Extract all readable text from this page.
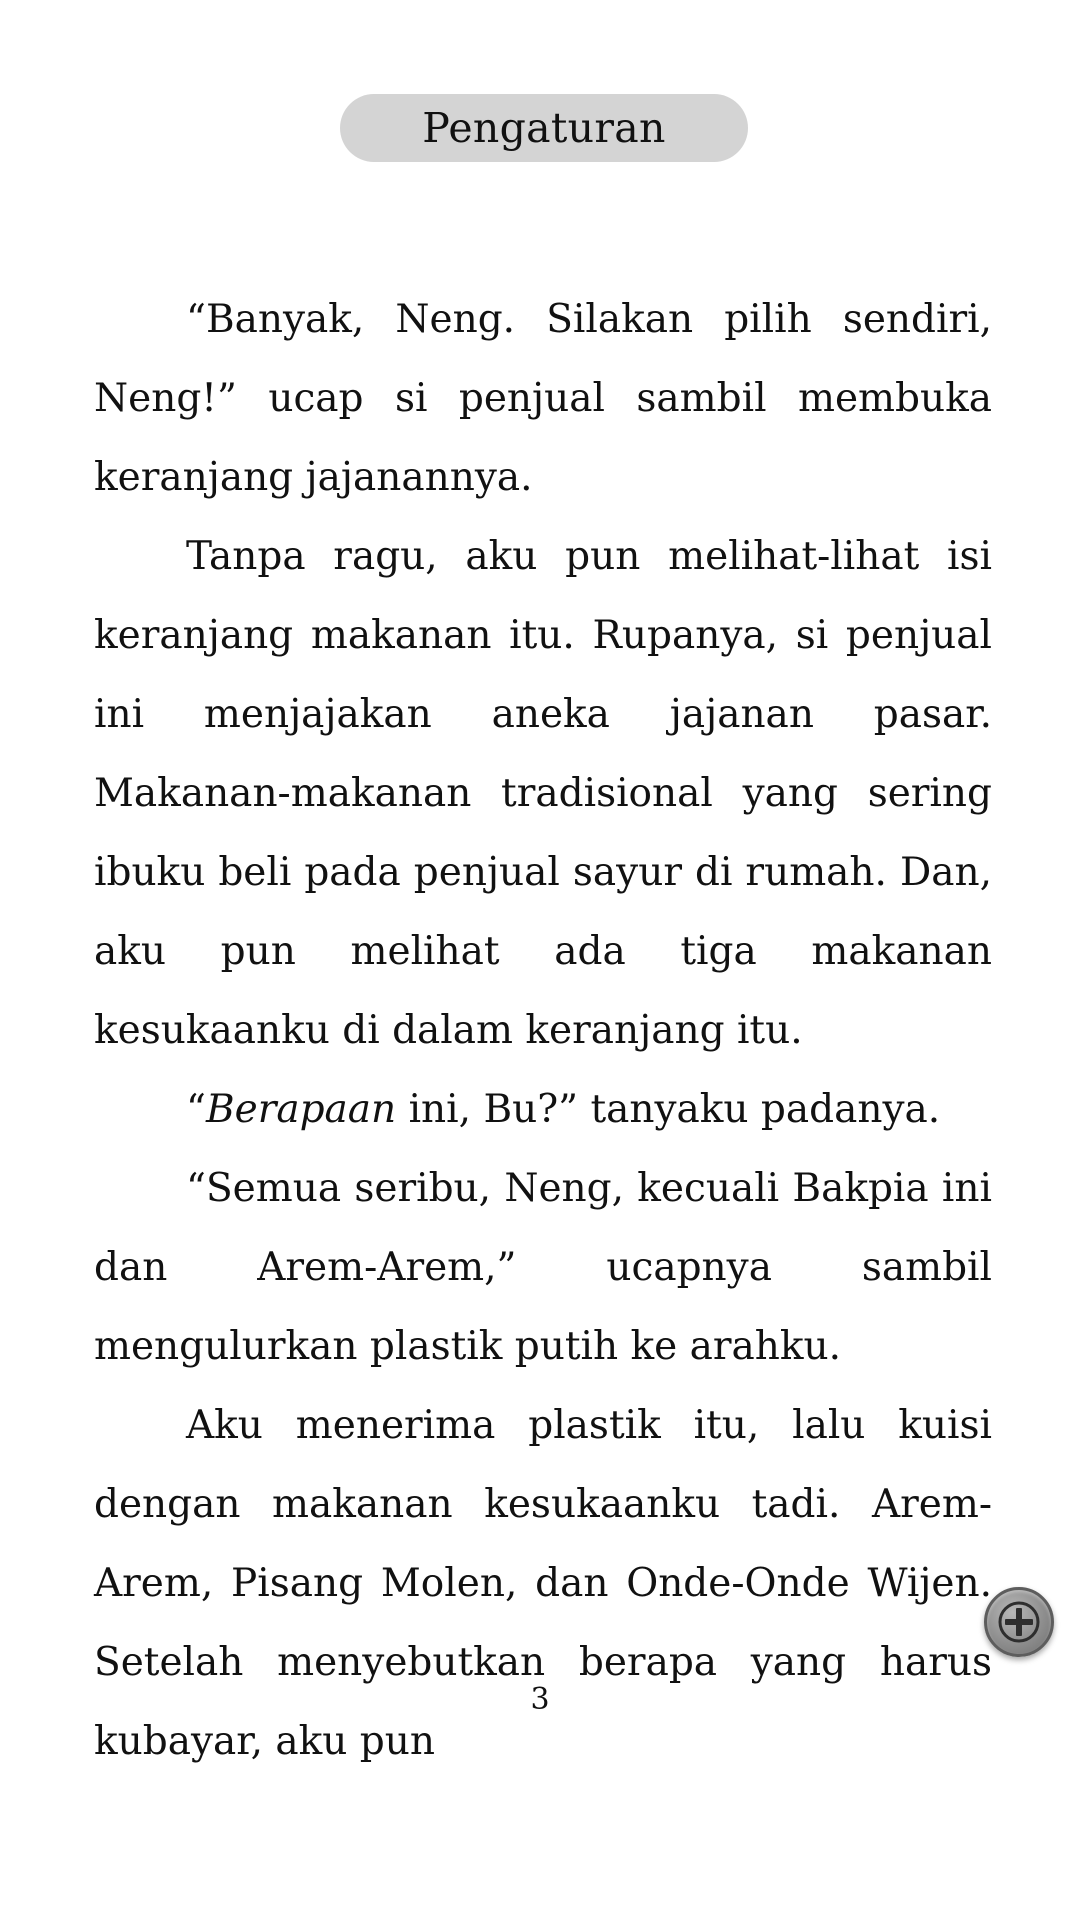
Pengaturan

“Banyak, Neng. Silakan pilih sendiri, Neng!” ucap si penjual sambil membuka keranjang jajanannya.

Tanpa ragu, aku pun melihat-lihat isi keranjang makanan itu. Rupanya, si penjual ini menjajakan aneka jajanan pasar. Makanan-makanan tradisional yang sering ibuku beli pada penjual sayur di rumah. Dan, aku pun melihat ada tiga makanan kesukaanku di dalam keranjang itu.

“Berapaan ini, Bu?” tanyaku padanya.

“Semua seribu, Neng, kecuali Bakpia ini dan Arem-Arem,” ucapnya sambil mengulurkan plastik putih ke arahku.

Aku menerima plastik itu, lalu kuisi dengan makanan kesukaanku tadi. Arem-Arem, Pisang Molen, dan Onde-Onde Wijen. Setelah menyebutkan berapa yang harus kubayar, aku pun

3
